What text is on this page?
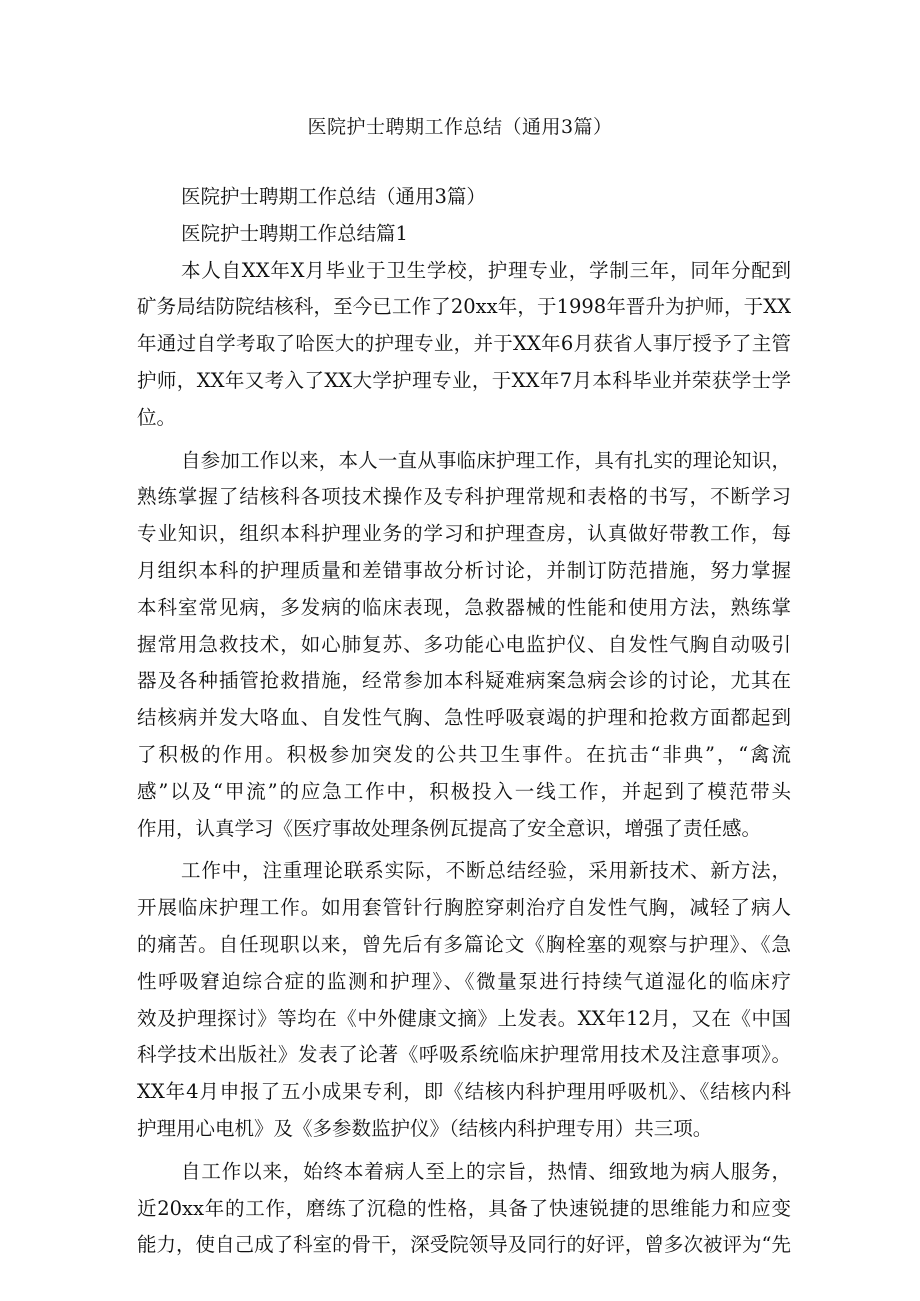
医院护士聘期工作总结（通用3篇）
医院护士聘期工作总结（通用3篇）
医院护士聘期工作总结篇1
本人自XX年X月毕业于卫生学校，护理专业，学制三年，同年分配到
矿务局结防院结核科，至今已工作了20xx年，于1998年晋升为护师，于XX
年通过自学考取了哈医大的护理专业，并于XX年6月获省人事厅授予了主管
护师，XX年又考入了XX大学护理专业，于XX年7月本科毕业并荣获学士学
位。
自参加工作以来，本人一直从事临床护理工作，具有扎实的理论知识，
熟练掌握了结核科各项技术操作及专科护理常规和表格的书写，不断学习
专业知识，组织本科护理业务的学习和护理查房，认真做好带教工作，每
月组织本科的护理质量和差错事故分析讨论，并制订防范措施，努力掌握
本科室常见病，多发病的临床表现，急救器械的性能和使用方法，熟练掌
握常用急救技术，如心肺复苏、多功能心电监护仪、自发性气胸自动吸引
器及各种插管抢救措施，经常参加本科疑难病案急病会诊的讨论，尤其在
结核病并发大咯血、自发性气胸、急性呼吸衰竭的护理和抢救方面都起到
了积极的作用。积极参加突发的公共卫生事件。在抗击“非典”，“禽流
感”以及“甲流”的应急工作中，积极投入一线工作，并起到了模范带头
作用，认真学习《医疗事故处理条例瓦提高了安全意识，增强了责任感。
工作中，注重理论联系实际，不断总结经验，采用新技术、新方法，
开展临床护理工作。如用套管针行胸腔穿刺治疗自发性气胸，减轻了病人
的痛苦。自任现职以来，曾先后有多篇论文《胸栓塞的观察与护理》、《急
性呼吸窘迫综合症的监测和护理》、《微量泵进行持续气道湿化的临床疗
效及护理探讨》等均在《中外健康文摘》上发表。XX年12月，又在《中国
科学技术出版社》发表了论著《呼吸系统临床护理常用技术及注意事项》。
XX年4月申报了五小成果专利，即《结核内科护理用呼吸机》、《结核内科
护理用心电机》及《多参数监护仪》（结核内科护理专用）共三项。
自工作以来，始终本着病人至上的宗旨，热情、细致地为病人服务，
近20xx年的工作，磨练了沉稳的性格，具备了快速锐捷的思维能力和应变
能力，使自己成了科室的骨干，深受院领导及同行的好评，曾多次被评为“先
